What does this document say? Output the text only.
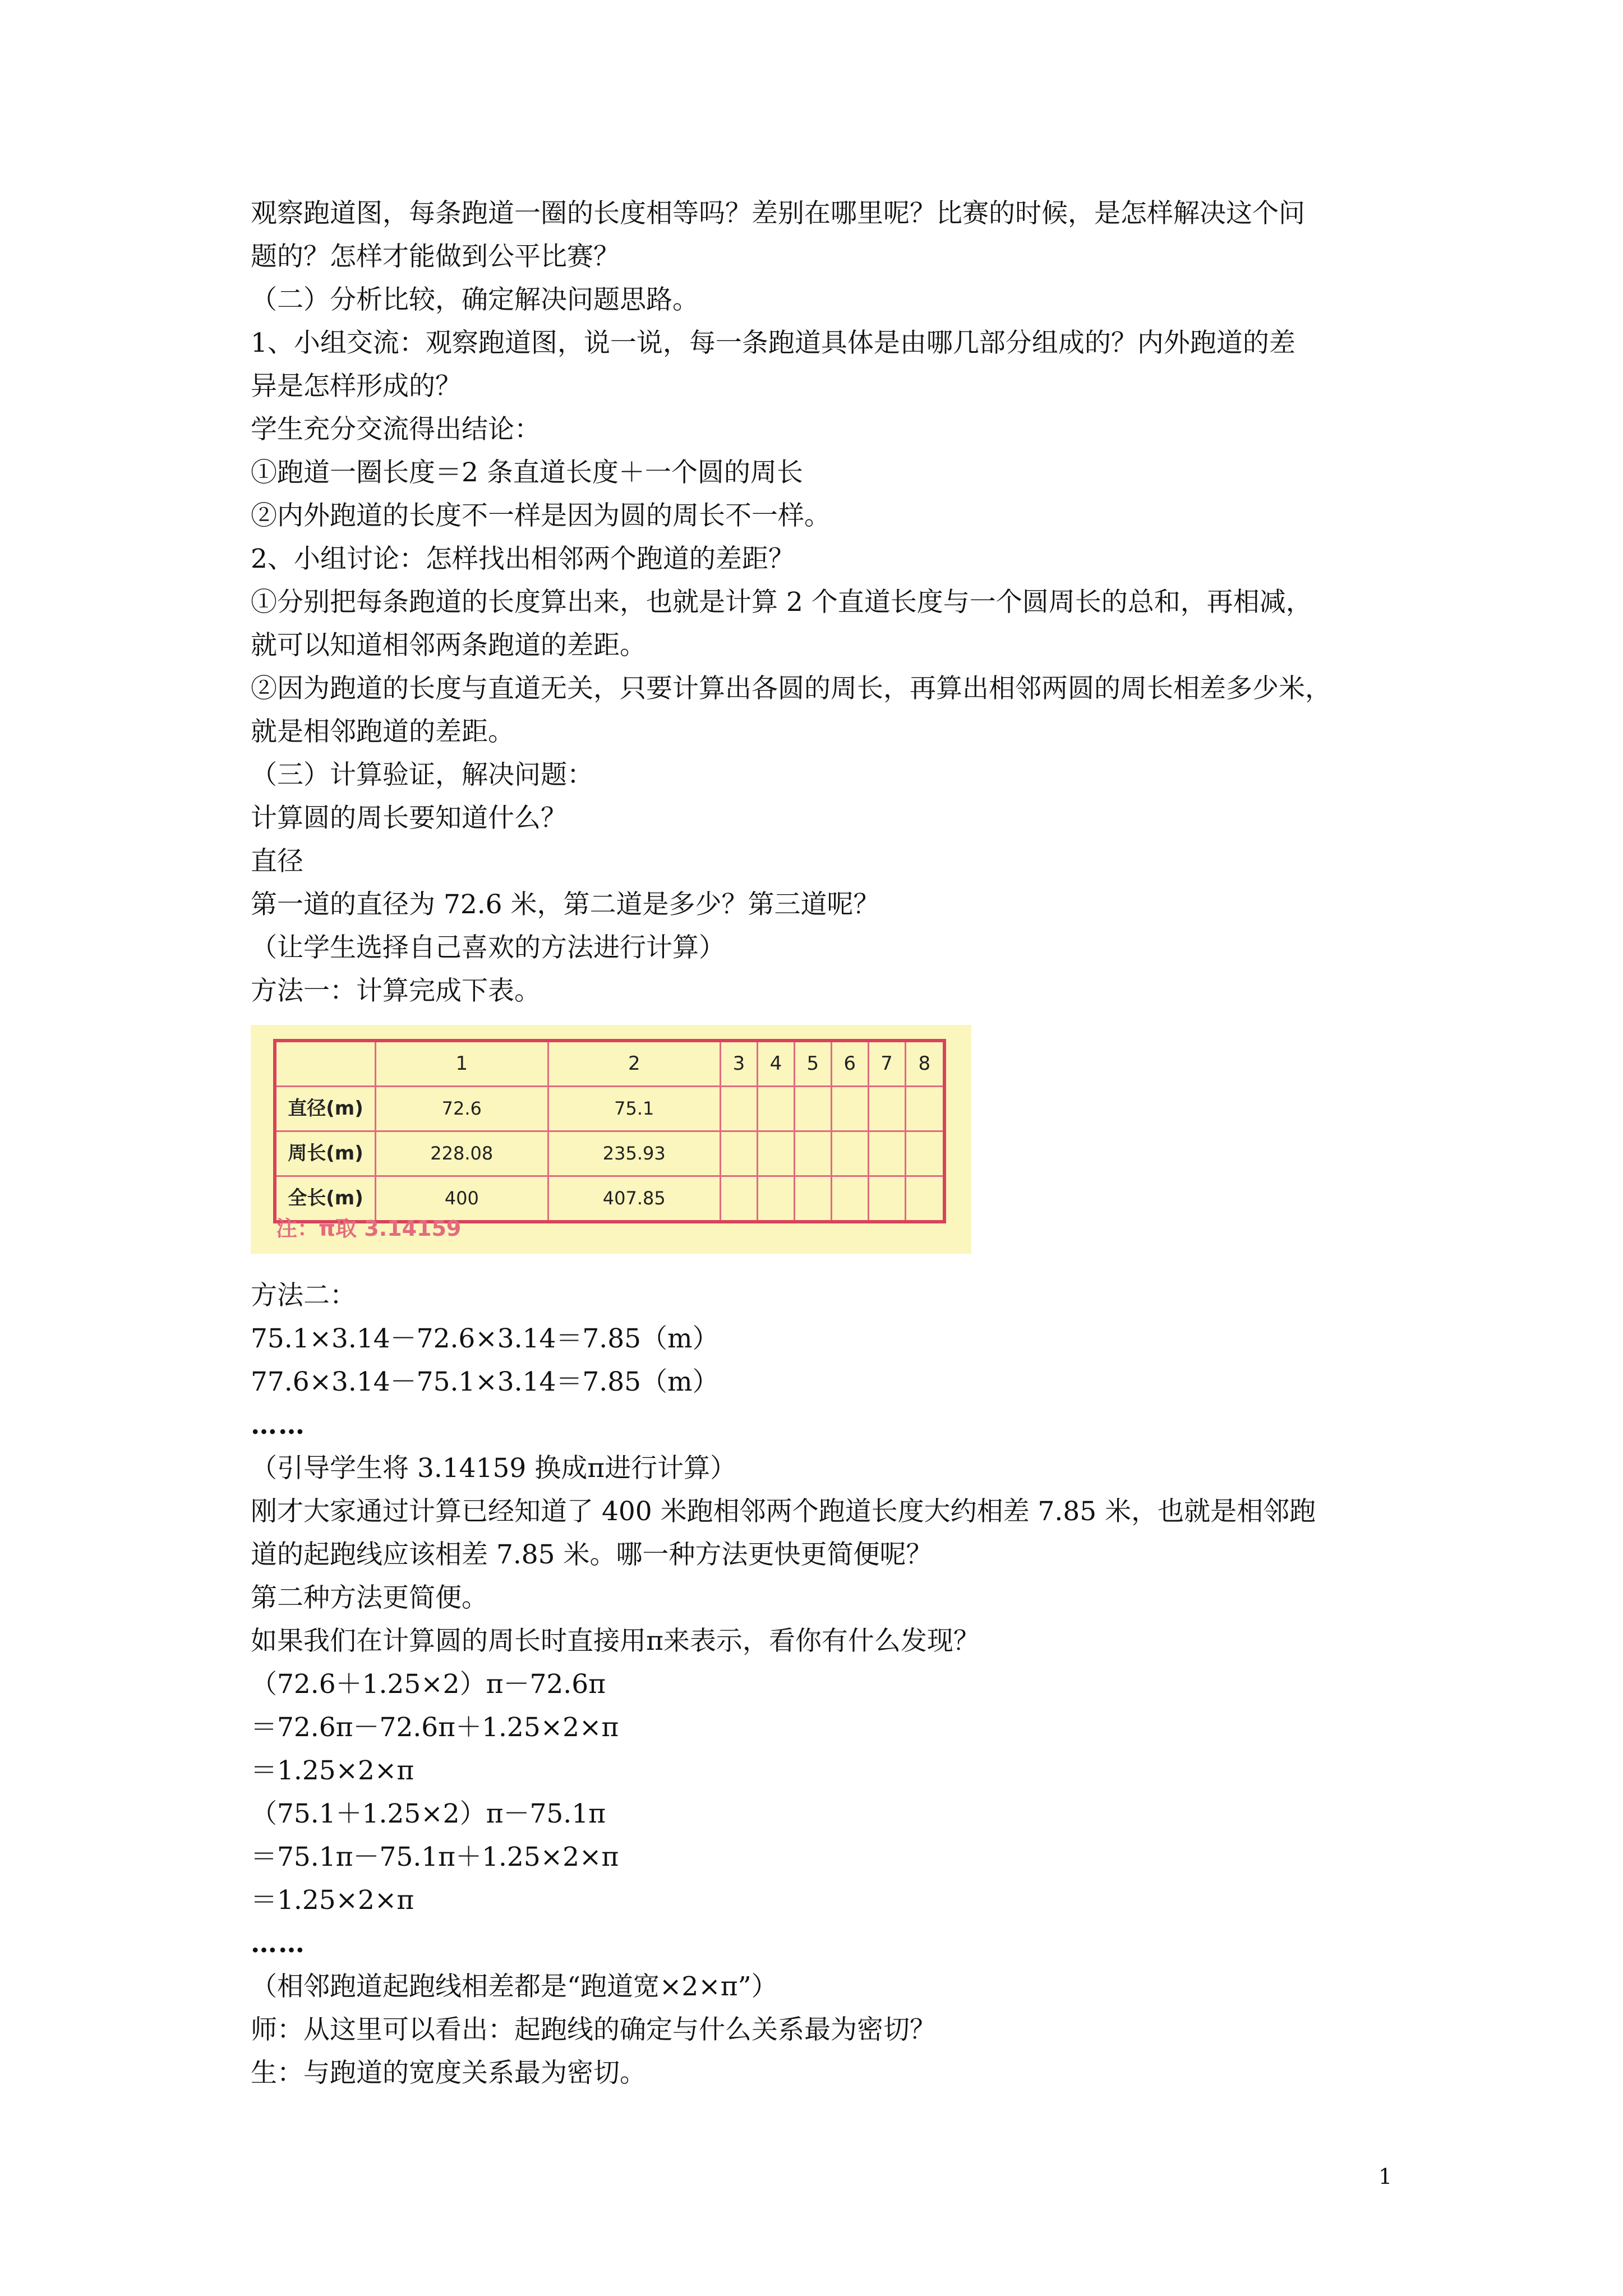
观察跑道图，每条跑道一圈的长度相等吗？差别在哪里呢？比赛的时候，是怎样解决这个问
题的？怎样才能做到公平比赛？
（二）分析比较，确定解决问题思路。
1、小组交流：观察跑道图，说一说，每一条跑道具体是由哪几部分组成的？内外跑道的差
异是怎样形成的？
学生充分交流得出结论：
①跑道一圈长度＝2 条直道长度＋一个圆的周长
②内外跑道的长度不一样是因为圆的周长不一样。
2、小组讨论：怎样找出相邻两个跑道的差距？
①分别把每条跑道的长度算出来，也就是计算 2 个直道长度与一个圆周长的总和，再相减，
就可以知道相邻两条跑道的差距。
②因为跑道的长度与直道无关，只要计算出各圆的周长，再算出相邻两圆的周长相差多少米，
就是相邻跑道的差距。
（三）计算验证，解决问题：
计算圆的周长要知道什么？
直径
第一道的直径为 72.6 米，第二道是多少？第三道呢？
（让学生选择自己喜欢的方法进行计算）
方法一：计算完成下表。
	1	2	3	4	5	6	7	8
直径(m)	72.6	75.1						
周长(m)	228.08	235.93						
全长(m)	400	407.85						
注：π取 3.14159
方法二：
75.1×3.14－72.6×3.14＝7.85（m）
77.6×3.14－75.1×3.14＝7.85（m）
……
（引导学生将 3.14159 换成π进行计算）
刚才大家通过计算已经知道了 400 米跑相邻两个跑道长度大约相差 7.85 米，也就是相邻跑
道的起跑线应该相差 7.85 米。哪一种方法更快更简便呢？
第二种方法更简便。
如果我们在计算圆的周长时直接用π来表示，看你有什么发现？
（72.6＋1.25×2）π－72.6π
＝72.6π－72.6π＋1.25×2×π
＝1.25×2×π
（75.1＋1.25×2）π－75.1π
＝75.1π－75.1π＋1.25×2×π
＝1.25×2×π
……
（相邻跑道起跑线相差都是“跑道宽×2×π”）
师：从这里可以看出：起跑线的确定与什么关系最为密切？
生：与跑道的宽度关系最为密切。
1
